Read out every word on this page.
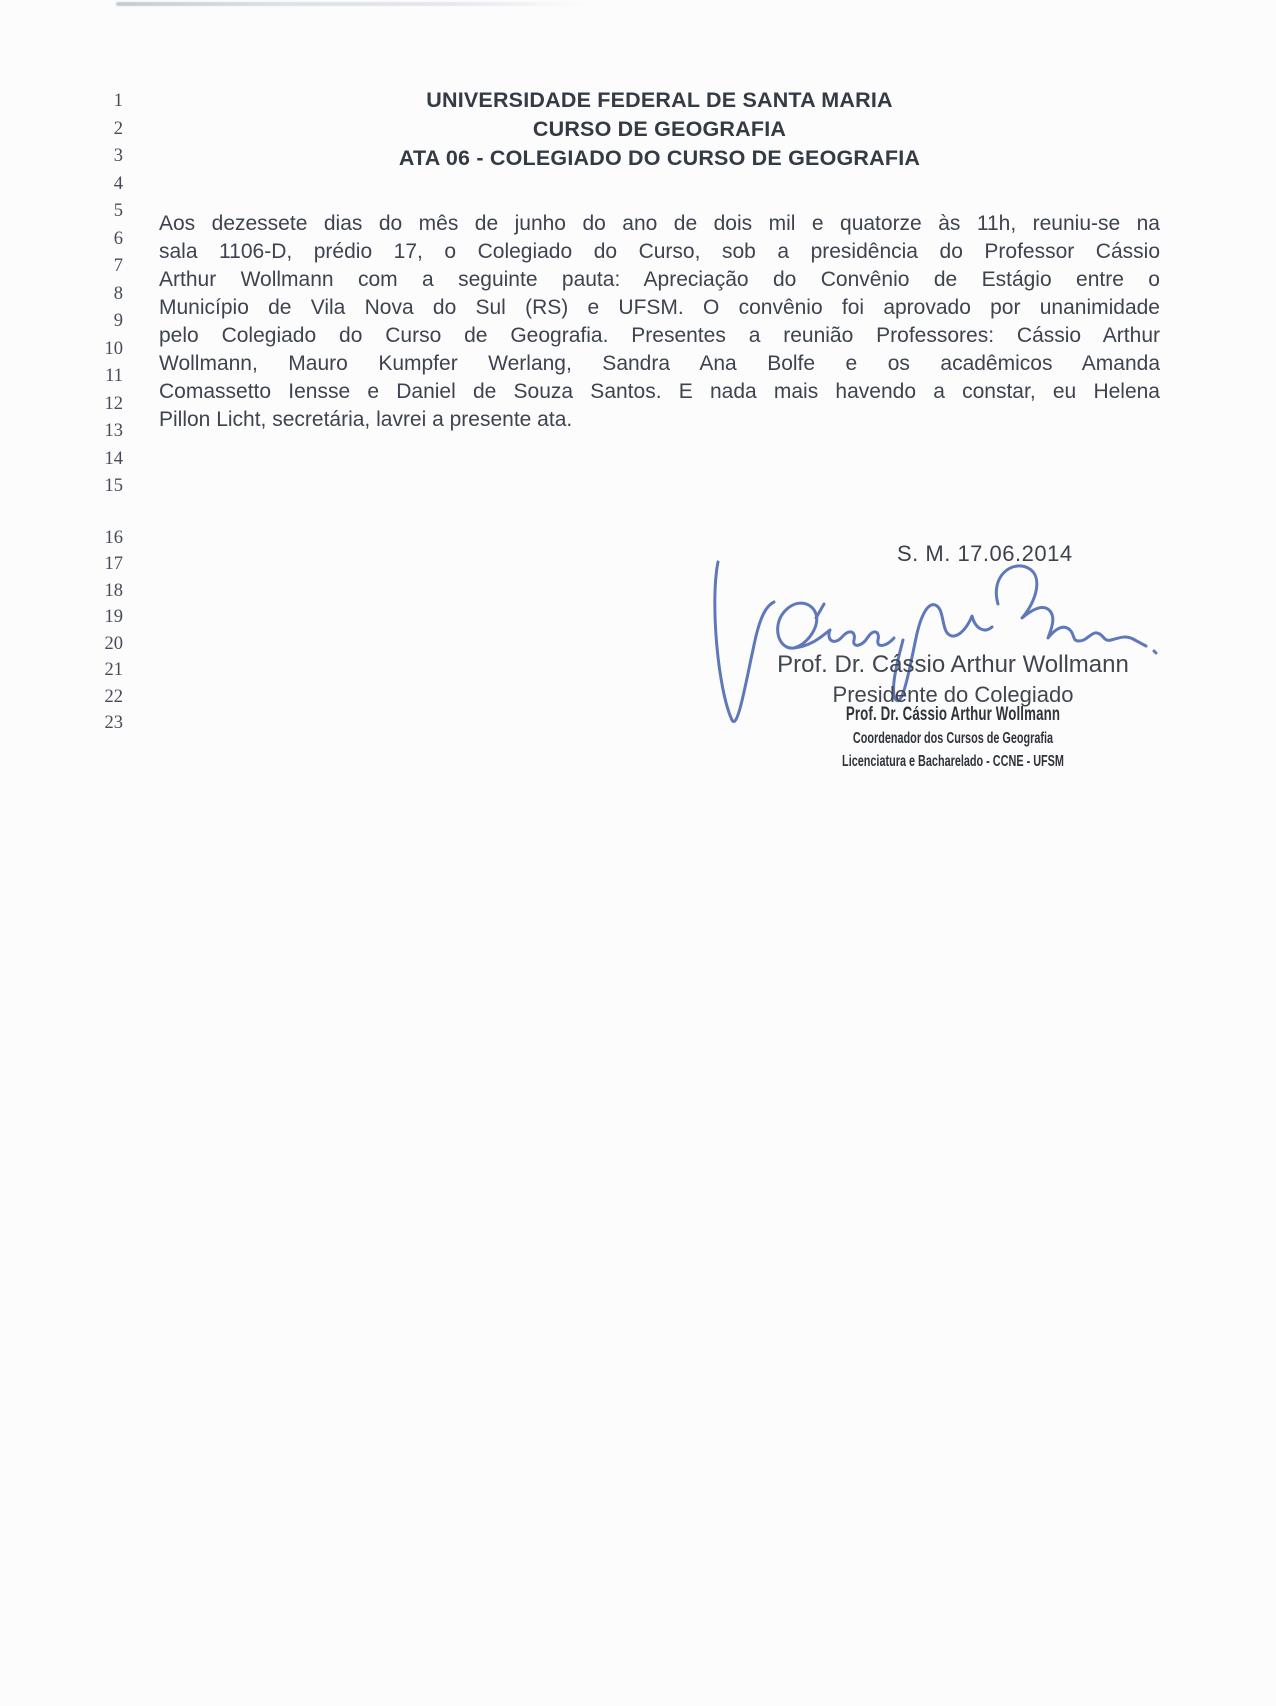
1
2
3
4
5
6
7
8
9
10
11
12
13
14
15
16
17
18
19
20
21
22
23
UNIVERSIDADE FEDERAL DE SANTA MARIA
CURSO DE GEOGRAFIA
ATA 06 - COLEGIADO DO CURSO DE GEOGRAFIA
Aos dezessete dias do mês de junho do ano de dois mil e quatorze às 11h, reuniu-se na
sala 1106-D, prédio 17, o Colegiado do Curso, sob a presidência do Professor Cássio
Arthur Wollmann com a seguinte pauta: Apreciação do Convênio de Estágio entre o
Município de Vila Nova do Sul (RS) e UFSM. O convênio foi aprovado por unanimidade
pelo Colegiado do Curso de Geografia. Presentes a reunião Professores: Cássio Arthur
Wollmann, Mauro Kumpfer Werlang, Sandra Ana Bolfe e os acadêmicos Amanda
Comassetto Iensse e Daniel de Souza Santos. E nada mais havendo a constar, eu Helena
Pillon Licht, secretária, lavrei a presente ata.
S. M. 17.06.2014
Prof. Dr. Cássio Arthur Wollmann
Presidente do Colegiado
Prof. Dr. Cássio Arthur Wollmann
Coordenador dos Cursos de Geografia
Licenciatura e Bacharelado - CCNE - UFSM
